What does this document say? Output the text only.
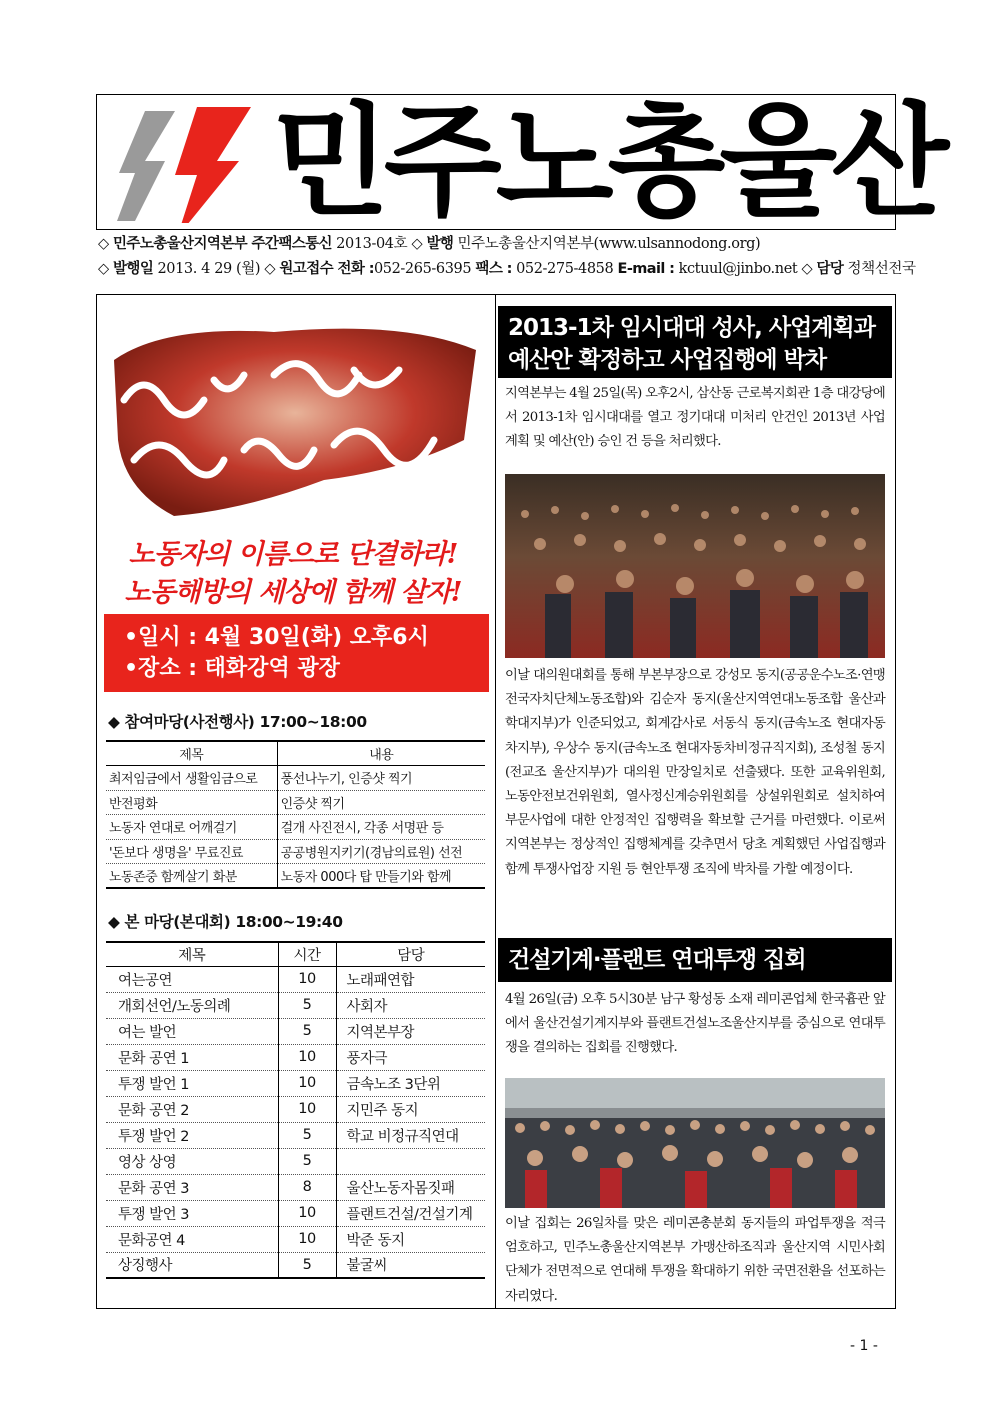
민주노총울산
◇ 민주노총울산지역본부 주간팩스통신 2013-04호 ◇ 발행 민주노총울산지역본부(www.ulsannodong.org)
◇ 발행일 2013. 4 29 (월) ◇ 원고접수 전화 :052-265-6395 팩스 : 052-275-4858 E-mail : kctuul@jinbo.net ◇ 담당 정책선전국
노동자의 이름으로 단결하라!
노동해방의 세상에 함께 살자!
•일시 : 4월 30일(화) 오후6시
•장소 : 태화강역 광장
◆ 참여마당(사전행사) 17:00~18:00
제목	내용
최저임금에서 생활임금으로	풍선나누기, 인증샷 찍기
반전평화	인증샷 찍기
노동자 연대로 어깨걸기	걸개 사진전시, 각종 서명판 등
'돈보다 생명을' 무료진료	공공병원지키기(경남의료원) 선전
노동존중 함께살기 화분	노동자 000다 탑 만들기와 함께
◆ 본 마당(본대회) 18:00~19:40
제목	시간	담당
여는공연	10	노래패연합
개회선언/노동의례	5	사회자
여는 발언	5	지역본부장
문화 공연 1	10	풍자극
투쟁 발언 1	10	금속노조 3단위
문화 공연 2	10	지민주 동지
투쟁 발언 2	5	학교 비정규직연대
영상 상영	5	
문화 공연 3	8	울산노동자몸짓패
투쟁 발언 3	10	플랜트건설/건설기계
문화공연 4	10	박준 동지
상징행사	5	불굴씨
2013-1차 임시대대 성사, 사업계획과
예산안 확정하고 사업집행에 박차
지역본부는 4월 25일(목) 오후2시, 삼산동 근로복지회관 1층 대강당에서 2013-1차 임시대대를 열고 정기대대 미처리 안건인 2013년 사업계획 및 예산(안) 승인 건 등을 처리했다.
이날 대의원대회를 통해 부본부장으로 강성모 동지(공공운수노조·연맹 전국자치단체노동조합)와 김순자 동지(울산지역연대노동조합 울산과학대지부)가 인준되었고, 회계감사로 서동식 동지(금속노조 현대자동차지부), 우상수 동지(금속노조 현대자동차비정규직지회), 조성철 동지(전교조 울산지부)가 대의원 만장일치로 선출됐다. 또한 교육위원회, 노동안전보건위원회, 열사정신계승위원회를 상설위원회로 설치하여 부문사업에 대한 안정적인 집행력을 확보할 근거를 마련했다. 이로써 지역본부는 정상적인 집행체계를 갖추면서 당초 계획했던 사업집행과 함께 투쟁사업장 지원 등 현안투쟁 조직에 박차를 가할 예정이다.
건설기계·플랜트 연대투쟁 집회
4월 26일(금) 오후 5시30분 남구 황성동 소재 레미콘업체 한국흄관 앞에서 울산건설기계지부와 플랜트건설노조울산지부를 중심으로 연대투쟁을 결의하는 집회를 진행했다.
이날 집회는 26일차를 맞은 레미콘총분회 동지들의 파업투쟁을 적극 엄호하고, 민주노총울산지역본부 가맹산하조직과 울산지역 시민사회단체가 전면적으로 연대해 투쟁을 확대하기 위한 국면전환을 선포하는 자리였다.
- 1 -
